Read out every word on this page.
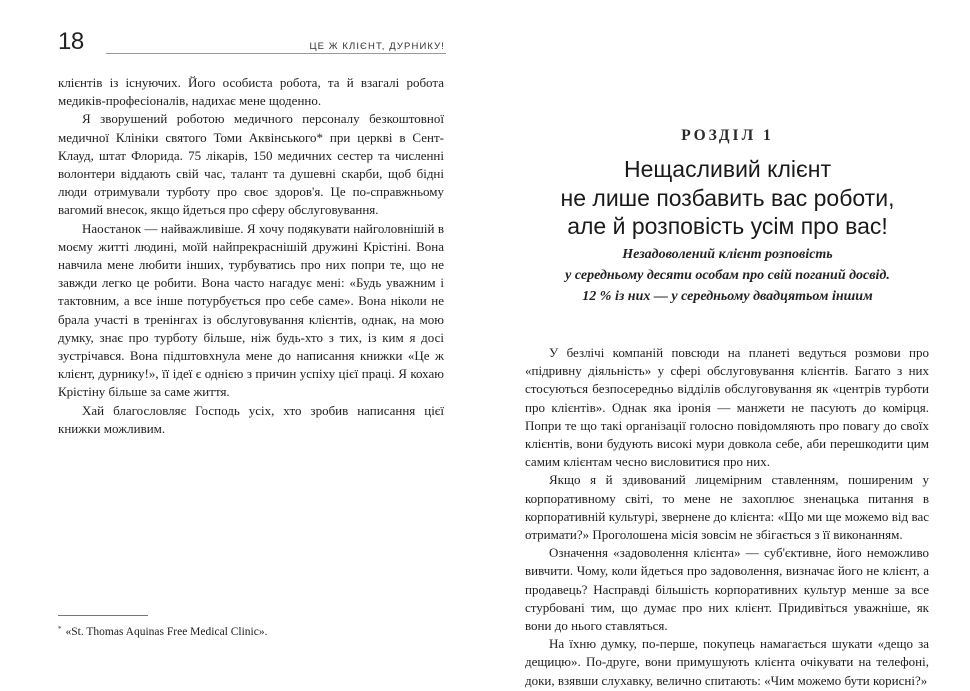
18	ЦЕ Ж КЛІЄНТ, ДУРНИКУ!

клієнтів із існуючих. Його особиста робота, та й взагалі робота медиків-професіоналів, надихає мене щоденно.

Я зворушений роботою медичного персоналу безкоштовної медичної Клініки святого Томи Аквінського* при церкві в Сент-Клауд, штат Флорида. 75 лікарів, 150 медичних сестер та численні волонтери віддають свій час, талант та душевні скарби, щоб бідні люди отримували турботу про своє здоров'я. Це по-справжньому вагомий внесок, якщо йдеться про сферу обслуговування.

Наостанок — найважливіше. Я хочу подякувати найголовнішій в моєму житті людині, моїй найпрекраснішій дружині Крістіні. Вона навчила мене любити інших, турбуватись про них попри те, що не завжди легко це робити. Вона часто нагадує мені: «Будь уважним і тактовним, а все інше потурбується про себе саме». Вона ніколи не брала участі в тренінгах із обслуговування клієнтів, однак, на мою думку, знає про турботу більше, ніж будь-хто з тих, із ким я досі зустрічався. Вона підштовхнула мене до написання книжки «Це ж клієнт, дурнику!», її ідеї є однією з причин успіху цієї праці. Я кохаю Крістіну більше за саме життя.

Хай благословляє Господь усіх, хто зробив написання цієї книжки можливим.

* «St. Thomas Aquinas Free Medical Clinic».
РОЗДІЛ 1
Нещасливий клієнт
не лише позбавить вас роботи,
але й розповість усім про вас!
Незадоволений клієнт розповість
у середньому десяти особам про свій поганий досвід.
12 % із них — у середньому двадцятьом іншим

У безлічі компаній повсюди на планеті ведуться розмови про «підривну діяльність» у сфері обслуговування клієнтів. Багато з них стосуються безпосередньо відділів обслуговування як «центрів турботи про клієнтів». Однак яка іронія — манжети не пасують до комірця. Попри те що такі організації голосно повідомляють про повагу до своїх клієнтів, вони будують високі мури довкола себе, аби перешкодити цим самим клієнтам чесно висловитися про них.

Якщо я й здивований лицемірним ставленням, поширеним у корпоративному світі, то мене не захоплює зненацька питання в корпоративній культурі, звернене до клієнта: «Що ми ще можемо від вас отримати?» Проголошена місія зовсім не збігається з її виконанням.

Означення «задоволення клієнта» — суб'єктивне, його неможливо вивчити. Чому, коли йдеться про задоволення, визначає його не клієнт, а продавець? Насправді більшість корпоративних культур менше за все стурбовані тим, що думає про них клієнт. Придивіться уважніше, як вони до нього ставляться.

На їхню думку, по-перше, покупець намагається шукати «дещо за дещицю». По-друге, вони примушують клієнта очікувати на телефоні, доки, взявши слухавку, велично спитають: «Чим можемо бути корисні?»
